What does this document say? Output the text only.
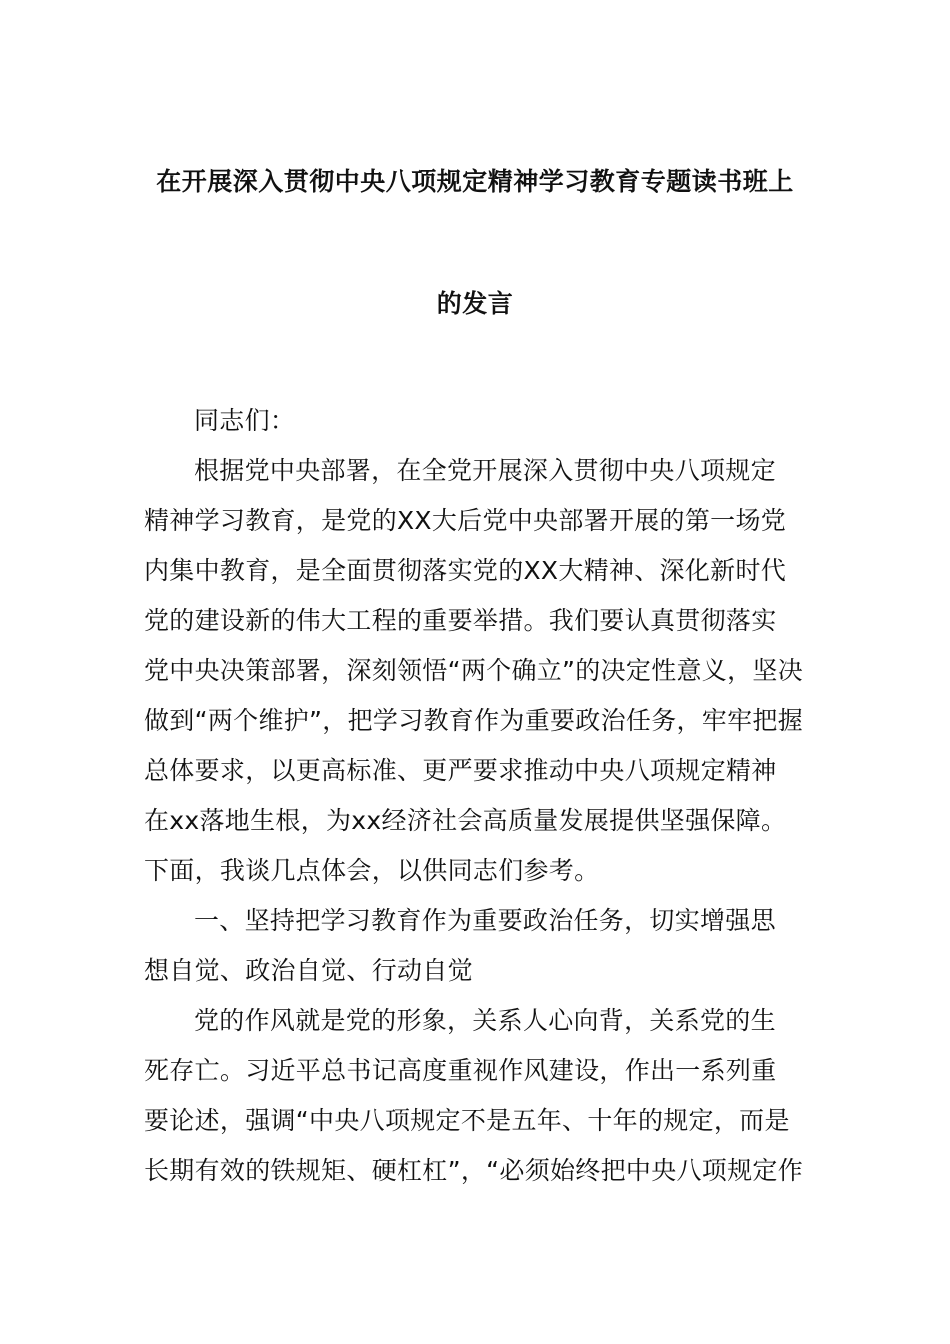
在开展深入贯彻中央八项规定精神学习教育专题读书班上
的发言
同志们：
根据党中央部署，在全党开展深入贯彻中央八项规定
精神学习教育，是党的XX大后党中央部署开展的第一场党
内集中教育，是全面贯彻落实党的XX大精神、深化新时代
党的建设新的伟大工程的重要举措。我们要认真贯彻落实
党中央决策部署，深刻领悟“两个确立”的决定性意义，坚决
做到“两个维护”，把学习教育作为重要政治任务，牢牢把握
总体要求，以更高标准、更严要求推动中央八项规定精神
在xx落地生根，为xx经济社会高质量发展提供坚强保障。
下面，我谈几点体会，以供同志们参考。
一、坚持把学习教育作为重要政治任务，切实增强思
想自觉、政治自觉、行动自觉
党的作风就是党的形象，关系人心向背，关系党的生
死存亡。习近平总书记高度重视作风建设，作出一系列重
要论述，强调“中央八项规定不是五年、十年的规定，而是
长期有效的铁规矩、硬杠杠”，“必须始终把中央八项规定作
